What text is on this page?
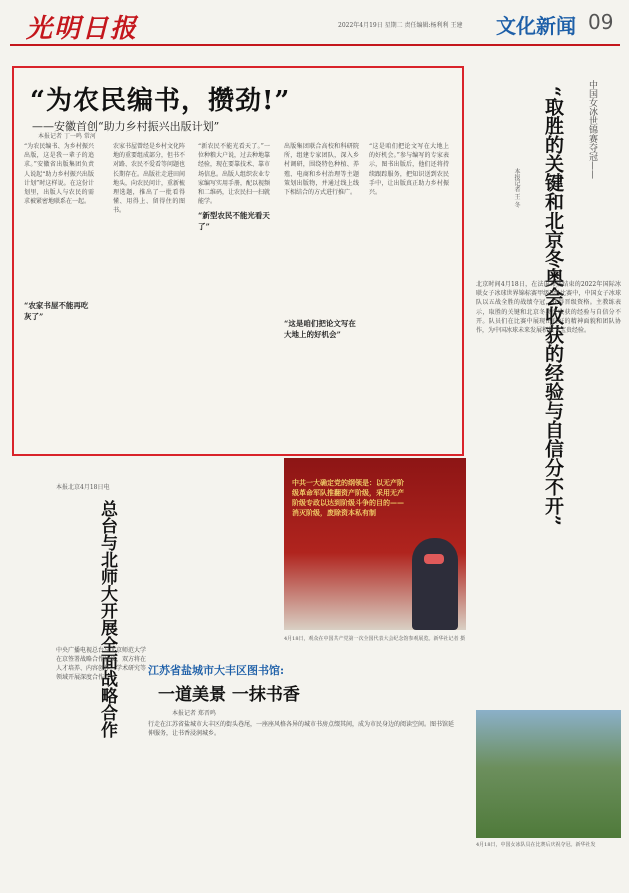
光明日报	2022年4月19日 星期二 责任编辑:杨利利 王建 文化新闻 09
“为农民编书，攒劲!”
——安徽首创“助力乡村振兴出版计划”
本报记者 丁一鸣 常河
“农家书屋不能再吃灰了”
“新型农民不能光看天了”
“这是咱们把论文写在大地上的好机会”
“为农民编书、为乡村振兴出版，这是我一辈子的追求。”安徽省出版集团负责人说起“助力乡村振兴出版计划”时这样说。在这份计划里，出版人与农民的需求被紧密地联系在一起。
农家书屋曾经是乡村文化阵地的重要组成部分，但书不对路、农民不爱看等问题也长期存在。出版社走进田间地头，向农民问计，重新梳理选题，推出了一批看得懂、用得上、留得住的图书。
“新农民不能光看天了。”一位种粮大户说，过去种地靠经验，现在要靠技术、靠市场信息。出版人组织农业专家编写实用手册，配以视频和二维码，让农民扫一扫就能学。
出版集团联合高校和科研院所，组建专家团队，深入乡村调研，围绕特色种植、养殖、电商和乡村治理等主题策划出版物，并通过线上线下相结合的方式进行推广。
“这是咱们把论文写在大地上的好机会。”参与编写的专家表示，图书出版后，他们还将持续跟踪服务，把知识送到农民手中，让出版真正助力乡村振兴。
中共一大确定党的纲领是：以无产阶级革命军队推翻资产阶级，采用无产阶级专政以达到阶级斗争的目的——消灭阶级，废除资本私有制
4月18日，观众在中国共产党第一次全国代表大会纪念馆参观展览。新华社记者 摄
本报北京4月18日电
总台与北师大开展全面战略合作
中央广播电视总台与北京师范大学在京签署战略合作协议，双方将在人才培养、内容创作、学术研究等领域开展深度合作。
江苏省盐城市大丰区图书馆:
一道美景 一抹书香
本报记者 郑晋鸣
行走在江苏省盐城市大丰区的街头巷尾，一座座风格各异的城市书房点缀其间，成为市民身边的阅读空间。图书馆延伸服务，让书香浸润城乡。
中国女冰世锦赛夺冠——
“取胜的关键和北京冬奥会收获的经验与自信分不开”
本报记者 王 冬
北京时间4月18日，在法国昂热结束的2022年国际冰联女子冰球世界锦标赛甲级B组比赛中，中国女子冰球队以五战全胜的战绩夺冠，获得晋级资格。主教练表示，取胜的关键和北京冬奥会收获的经验与自信分不开。队员们在比赛中展现出良好的精神面貌和团队协作，为中国冰球未来发展积累了宝贵经验。
4月18日，中国女冰队员在比赛后庆祝夺冠。新华社发
